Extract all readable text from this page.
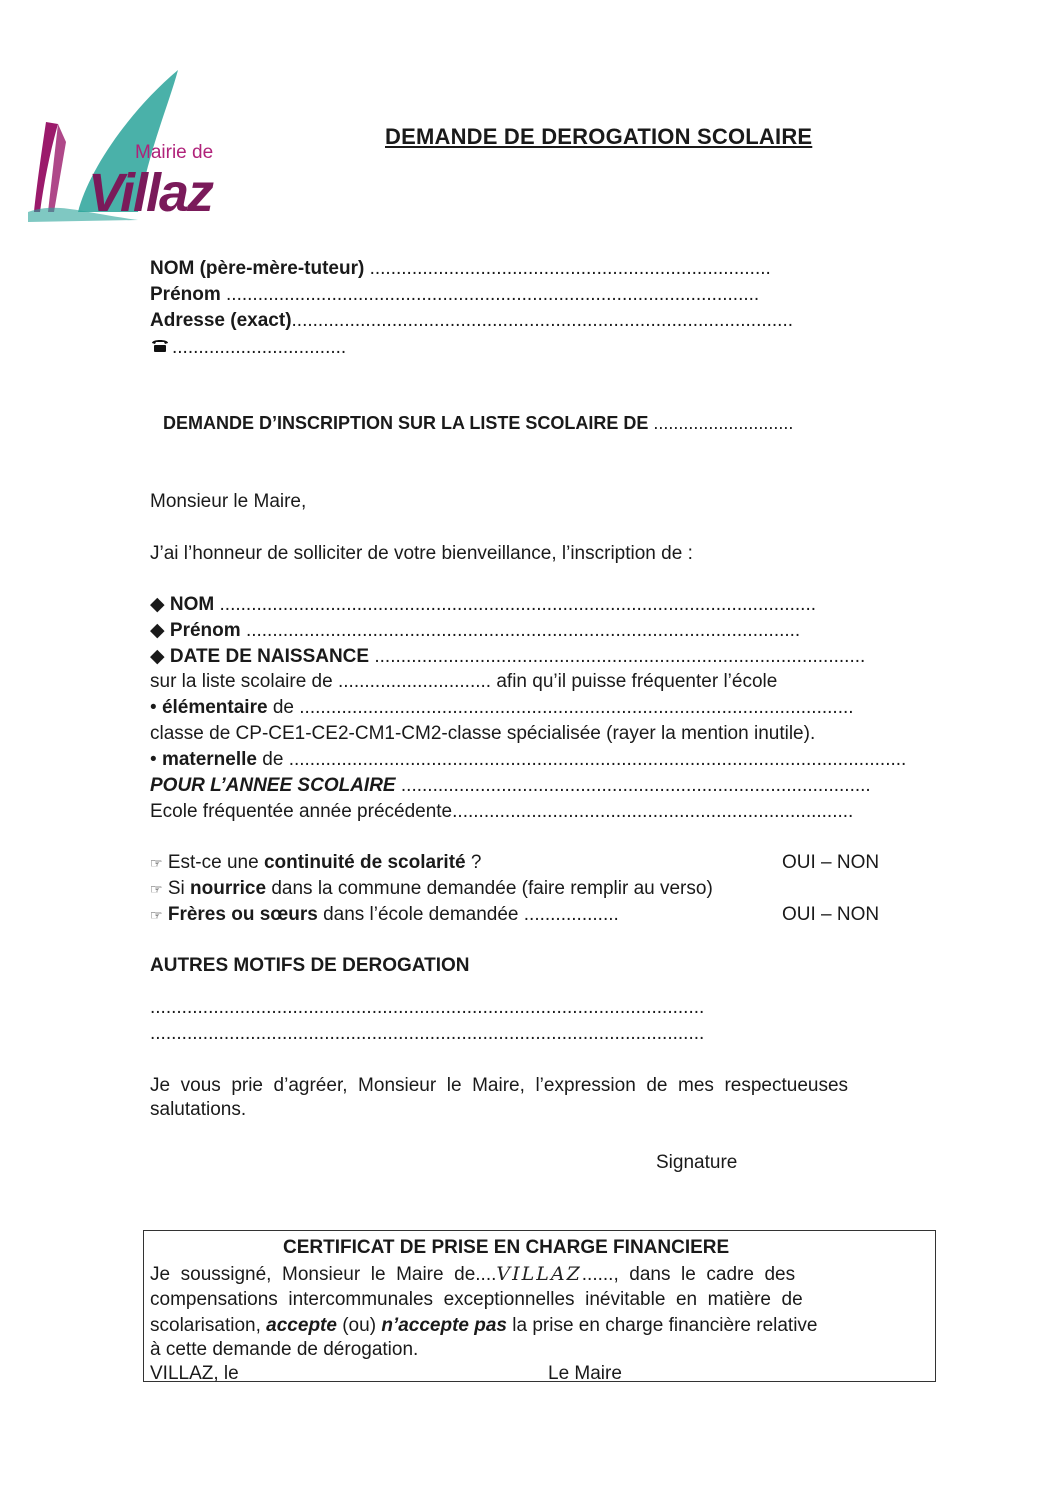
Mairie de
Villaz
DEMANDE DE DEROGATION SCOLAIRE
NOM (père-mère-tuteur) ............................................................................
Prénom .....................................................................................................
Adresse (exact)...............................................................................................
.................................
DEMANDE D’INSCRIPTION SUR LA LISTE SCOLAIRE DE ............................
Monsieur le Maire,
J’ai l’honneur de solliciter de votre bienveillance, l’inscription de :
◆ NOM .................................................................................................................
◆ Prénom .........................................................................................................
◆ DATE DE NAISSANCE .............................................................................................
sur la liste scolaire de ............................. afin qu’il puisse fréquenter l’école
• élémentaire de .........................................................................................................
classe de CP-CE1-CE2-CM1-CM2-classe spécialisée (rayer la mention inutile).
• maternelle de .....................................................................................................................
POUR L’ANNEE SCOLAIRE .........................................................................................
Ecole fréquentée année précédente............................................................................
☞ Est-ce une continuité de scolarité ?	OUI – NON
☞ Si nourrice dans la commune demandée (faire remplir au verso)
☞ Frères ou sœurs dans l’école demandée ..................	OUI – NON
AUTRES MOTIFS DE DEROGATION
.........................................................................................................
.........................................................................................................
Je  vous  prie  d’agréer,  Monsieur  le  Maire,  l’expression  de  mes  respectueuses
salutations.
Signature
CERTIFICAT DE PRISE EN CHARGE FINANCIERE
Je  soussigné,  Monsieur  le  Maire  de....VILLAZ......, dans  le  cadre  des
compensations  intercommunales  exceptionnelles  inévitable  en  matière  de
scolarisation, accepte (ou) n’accepte pas la prise en charge financière relative
à cette demande de dérogation.
VILLAZ, le	Le Maire
